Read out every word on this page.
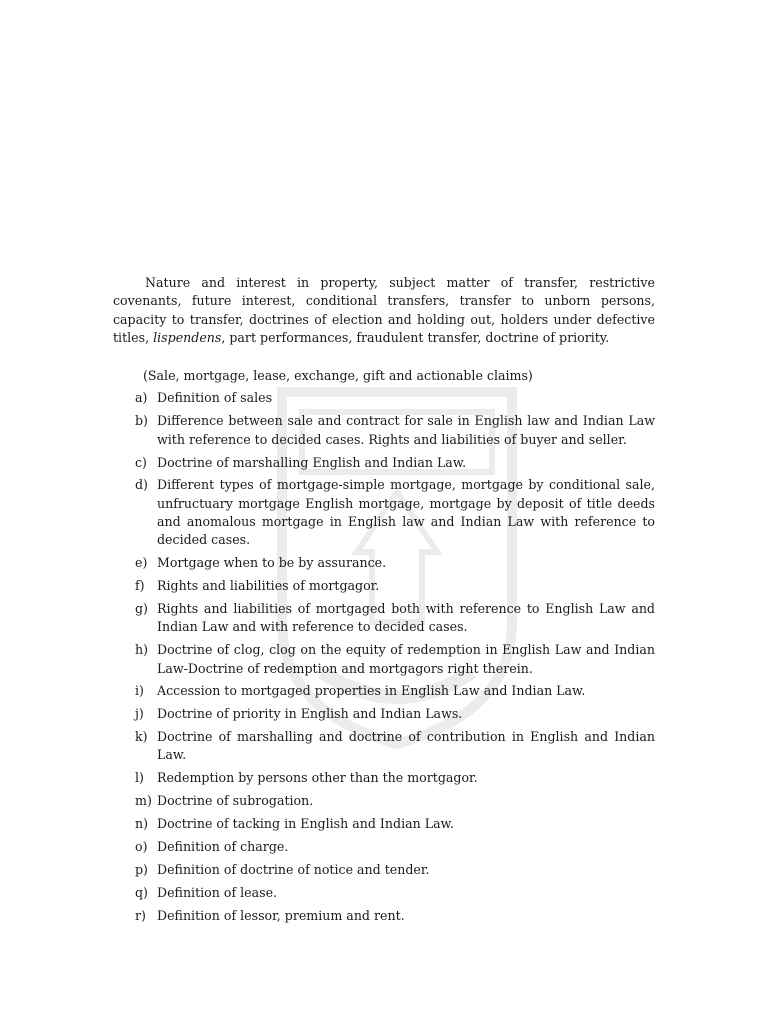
Nature and interest in property, subject matter of transfer, restrictive covenants, future interest, conditional transfers, transfer to unborn persons, capacity to transfer, doctrines of election and holding out, holders under defective titles, lispendens, part performances, fraudulent transfer, doctrine of priority.

(Sale, mortgage, lease, exchange, gift and actionable claims)

a) Definition of sales
b) Difference between sale and contract for sale in English law and Indian Law with reference to decided cases. Rights and liabilities of buyer and seller.
c) Doctrine of marshalling English and Indian Law.
d) Different types of mortgage-simple mortgage, mortgage by conditional sale, unfructuary mortgage English mortgage, mortgage by deposit of title deeds and anomalous mortgage in English law and Indian Law with reference to decided cases.
e) Mortgage when to be by assurance.
f) Rights and liabilities of mortgagor.
g) Rights and liabilities of mortgaged both with reference to English Law and Indian Law and with reference to decided cases.
h) Doctrine of clog, clog on the equity of redemption in English Law and Indian Law-Doctrine of redemption and mortgagors right therein.
i)	Accession to mortgaged properties in English Law and Indian Law.
j)	Doctrine of priority in English and Indian Laws.
k) Doctrine of marshalling and doctrine of contribution in English and Indian Law.
l)	Redemption by persons other than the mortgagor.
m) Doctrine of subrogation.
n) Doctrine of tacking in English and Indian Law.
o) Definition of charge.
p) Definition of doctrine of notice and tender.
q) Definition of lease.
r) Definition of lessor, premium and rent.
